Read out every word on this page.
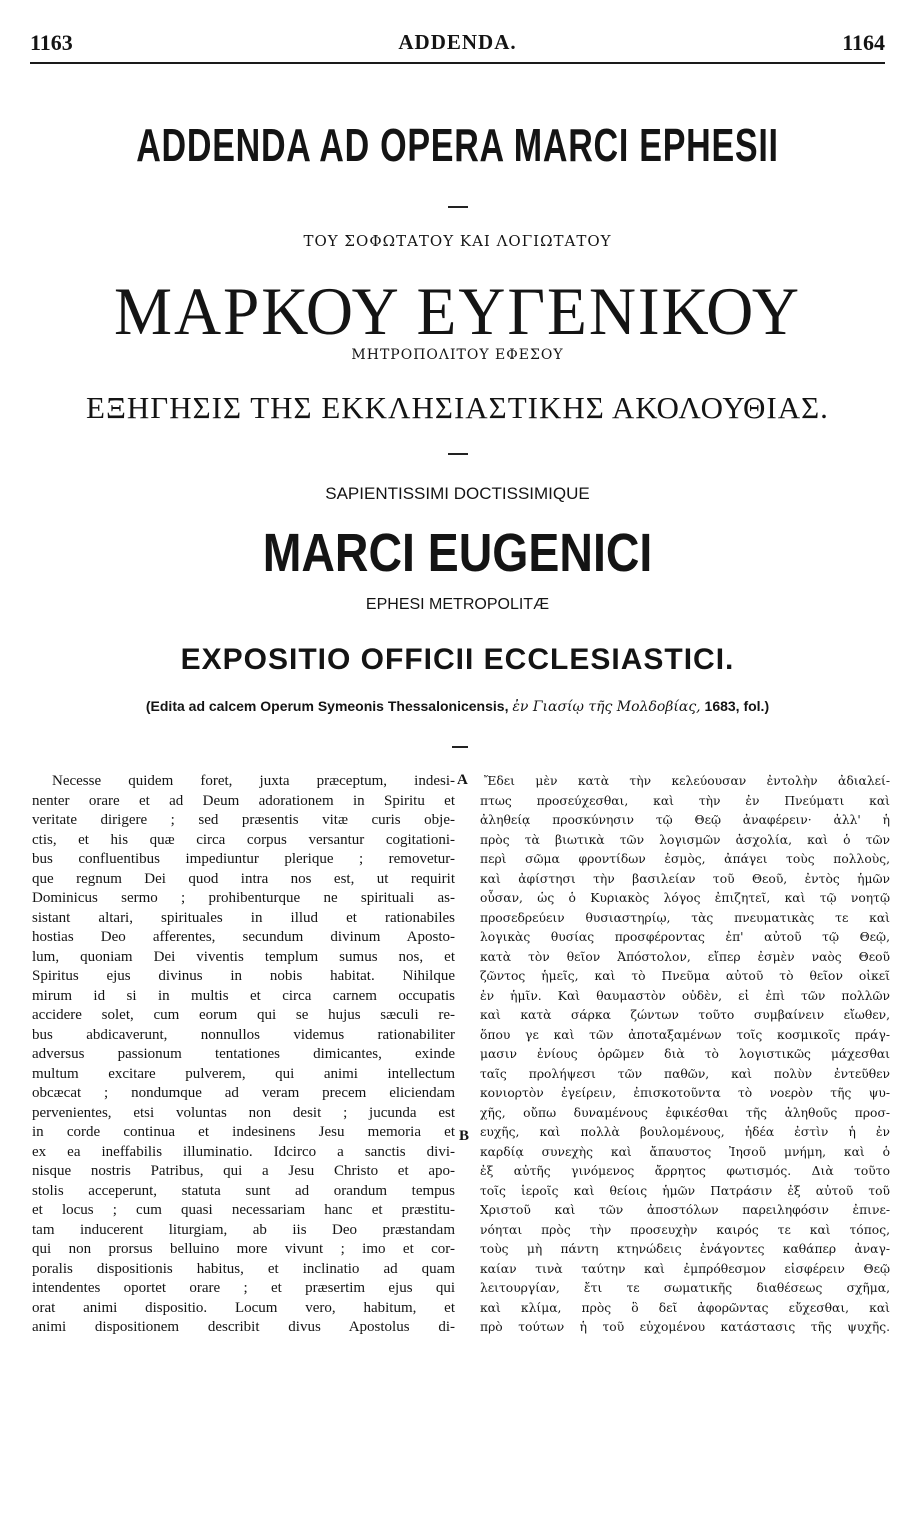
1163	ADDENDA.	1164
ADDENDA AD OPERA MARCI EPHESII
ΤΟΥ ΣΟΦΩΤΑΤΟΥ ΚΑΙ ΛΟΓΙΩΤΑΤΟΥ
ΜΑΡΚΟΥ ΕΥΓΕΝΙΚΟΥ
ΜΗΤΡΟΠΟΛΙΤΟΥ ΕΦΕΣΟΥ
ΕΞΗΓΗΣΙΣ ΤΗΣ ΕΚΚΛΗΣΙΑΣΤΙΚΗΣ ΑΚΟΛΟΥΘΙΑΣ.
SAPIENTISSIMI DOCTISSIMIQUE
MARCI EUGENICI
EPHESI METROPOLITÆ
EXPOSITIO OFFICII ECCLESIASTICI.
(Edita ad calcem Operum Symeonis Thessalonicensis, ἐν Γιασίῳ τῆς Μολδοβίας, 1683, fol.)
Necesse quidem foret, juxta præceptum, indesi-
nenter orare et ad Deum adorationem in Spiritu et
veritate dirigere ; sed præsentis vitæ curis obje-
ctis, et his quæ circa corpus versantur cogitationi-
bus confluentibus impediuntur plerique ; removetur-
que regnum Dei quod intra nos est, ut requirit
Dominicus sermo ; prohibenturque ne spirituali as-
sistant altari, spirituales in illud et rationabiles
hostias Deo afferentes, secundum divinum Aposto-
lum, quoniam Dei viventis templum sumus nos, et
Spiritus ejus divinus in nobis habitat. Nihilque
mirum id si in multis et circa carnem occupatis
accidere solet, cum eorum qui se hujus sæculi re-
bus abdicaverunt, nonnullos videmus rationabiliter
adversus passionum tentationes dimicantes, exinde
multum excitare pulverem, qui animi intellectum
obcæcat ; nondumque ad veram precem eliciendam
pervenientes, etsi voluntas non desit ; jucunda est
in corde continua et indesinens Jesu memoria et
ex ea ineffabilis illuminatio. Idcirco a sanctis divi-
nisque nostris Patribus, qui a Jesu Christo et apo-
stolis acceperunt, statuta sunt ad orandum tempus
et locus ; cum quasi necessariam hanc et præstitu-
tam inducerent liturgiam, ab iis Deo præstandam
qui non prorsus belluino more vivunt ; imo et cor-
poralis dispositionis habitus, et inclinatio ad quam
intendentes oportet orare ; et præsertim ejus qui
orat animi dispositio. Locum vero, habitum, et
animi dispositionem describit divus Apostolus di-
Ἔδει μὲν κατὰ τὴν κελεύουσαν ἐντολὴν ἀδιαλεί-
πτως προσεύχεσθαι, καὶ τὴν ἐν Πνεύματι καὶ
ἀληθείᾳ προσκύνησιν τῷ Θεῷ ἀναφέρειν· ἀλλ' ἡ
πρὸς τὰ βιωτικὰ τῶν λογισμῶν ἀσχολία, καὶ ὁ τῶν
περὶ σῶμα φροντίδων ἐσμὸς, ἀπάγει τοὺς πολλοὺς,
καὶ ἀφίστησι τὴν βασιλείαν τοῦ Θεοῦ, ἐντὸς ἡμῶν
οὖσαν, ὡς ὁ Κυριακὸς λόγος ἐπιζητεῖ, καὶ τῷ νοητῷ
προσεδρεύειν θυσιαστηρίῳ, τὰς πνευματικὰς τε καὶ
λογικὰς θυσίας προσφέροντας ἐπ' αὐτοῦ τῷ Θεῷ,
κατὰ τὸν θεῖον Ἀπόστολον, εἴπερ ἐσμὲν ναὸς Θεοῦ
ζῶντος ἡμεῖς, καὶ τὸ Πνεῦμα αὐτοῦ τὸ θεῖον οἰκεῖ
ἐν ἡμῖν. Καὶ θαυμαστὸν οὐδὲν, εἰ ἐπὶ τῶν πολλῶν
καὶ κατὰ σάρκα ζώντων τοῦτο συμβαίνειν εἴωθεν,
ὅπου γε καὶ τῶν ἀποταξαμένων τοῖς κοσμικοῖς πράγ-
μασιν ἐνίους ὁρῶμεν διὰ τὸ λογιστικῶς μάχεσθαι
ταῖς προλήψεσι τῶν παθῶν, καὶ πολὺν ἐντεῦθεν
κονιορτὸν ἐγείρειν, ἐπισκοτοῦντα τὸ νοερὸν τῆς ψυ-
χῆς, οὔπω δυναμένους ἐφικέσθαι τῆς ἀληθοῦς προσ-
ευχῆς, καὶ πολλὰ βουλομένους, ἡδέα ἐστὶν ἡ ἐν
καρδίᾳ συνεχὴς καὶ ἄπαυστος Ἰησοῦ μνήμη, καὶ ὁ
ἐξ αὐτῆς γινόμενος ἄρρητος φωτισμός. Διὰ τοῦτο
τοῖς ἱεροῖς καὶ θείοις ἡμῶν Πατράσιν ἐξ αὐτοῦ τοῦ
Χριστοῦ καὶ τῶν ἀποστόλων παρειληφόσιν ἐπινε-
νόηται πρὸς τὴν προσευχὴν καιρός τε καὶ τόπος,
τοὺς μὴ πάντη κτηνώδεις ἐνάγοντες καθάπερ ἀναγ-
καίαν τινὰ ταύτην καὶ ἐμπρόθεσμον εἰσφέρειν Θεῷ
λειτουργίαν, ἔτι τε σωματικῆς διαθέσεως σχῆμα,
καὶ κλίμα, πρὸς ὃ δεῖ ἀφορῶντας εὔχεσθαι, καὶ
πρὸ τούτων ἡ τοῦ εὐχομένου κατάστασις τῆς ψυχῆς.
A
B
